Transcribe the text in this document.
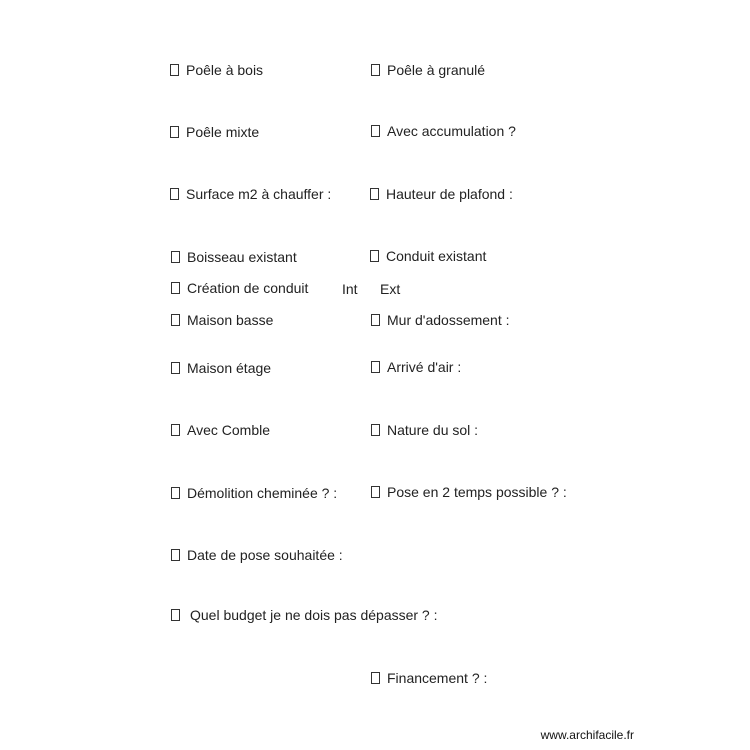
Poêle à bois	Poêle à granulé
Poêle mixte	Avec accumulation ?
Surface m2 à chauffer :	Hauteur de plafond :
Boisseau existant	Conduit existant
Création de conduit Int Ext
Maison basse	Mur d'adossement :
Maison étage	Arrivé d'air :
Avec Comble	Nature du sol :
Démolition cheminée ? :	Pose en 2 temps possible ? :
Date de pose souhaitée :
Quel budget je ne dois pas dépasser ? :
Financement ? :
www.archifacile.fr
